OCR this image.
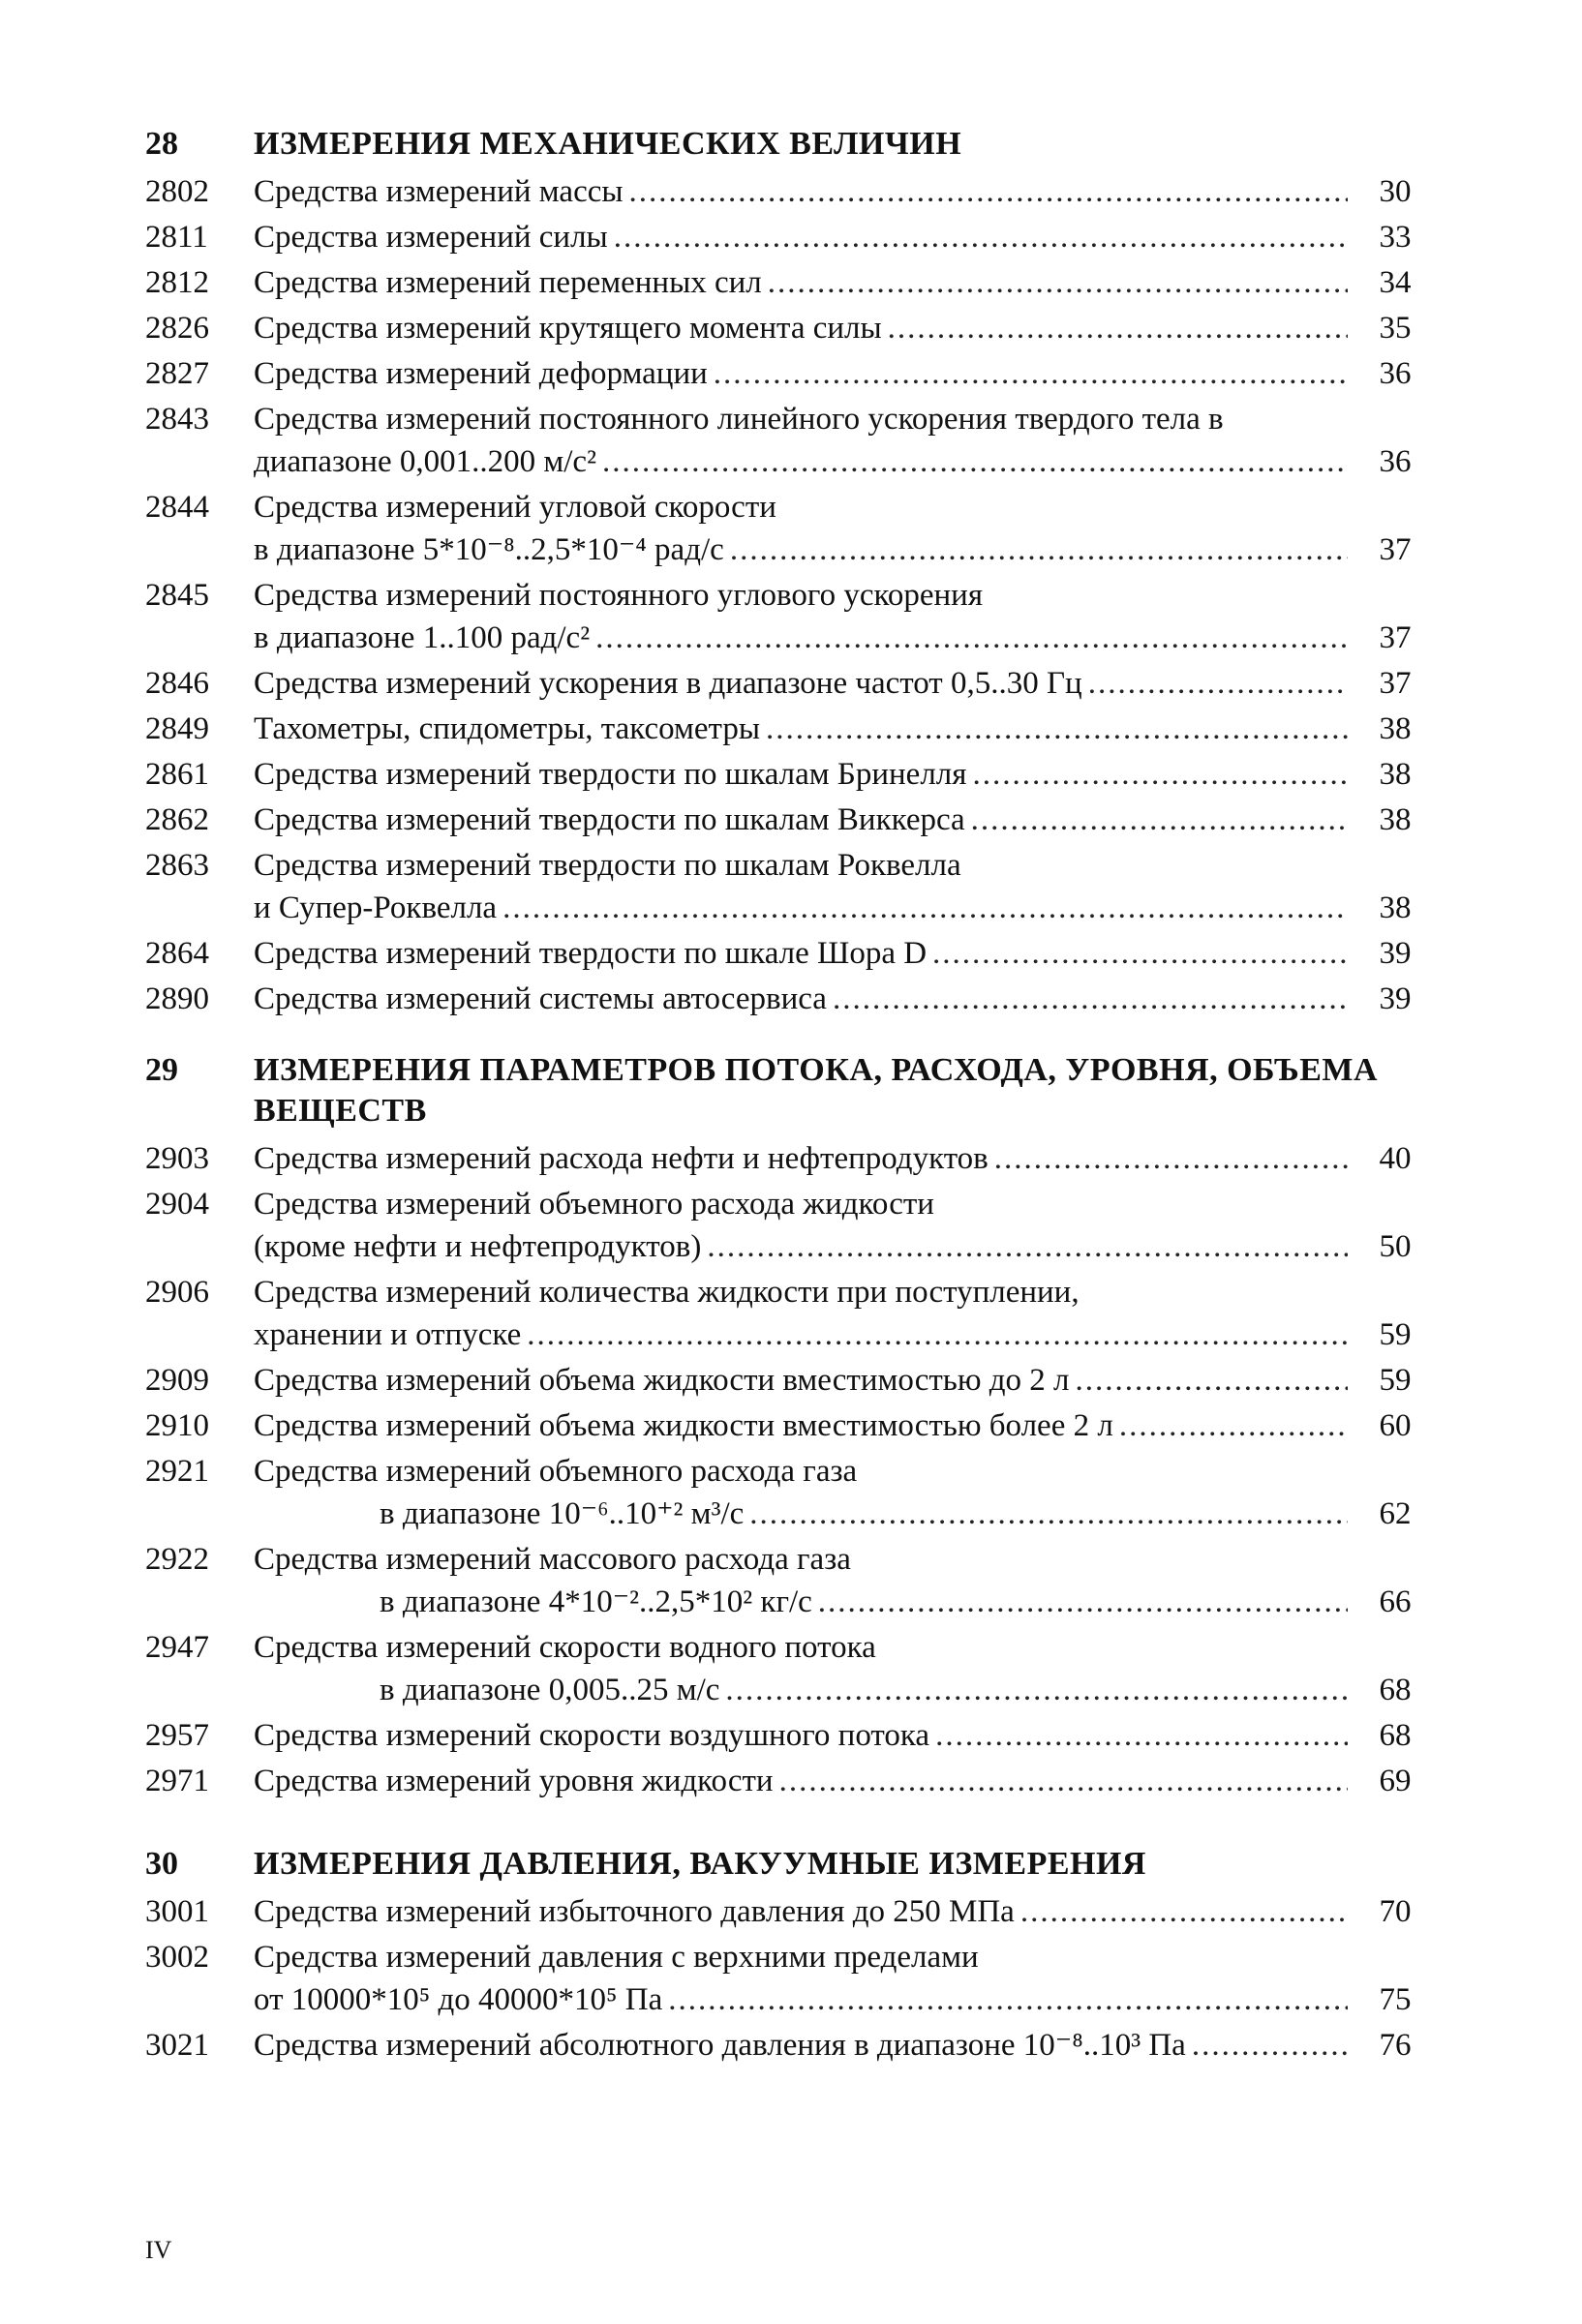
28	ИЗМЕРЕНИЯ МЕХАНИЧЕСКИХ ВЕЛИЧИН
2802	Средства измерений массы .....	30
2811	Средства измерений силы .....	33
2812	Средства измерений переменных сил .....	34
2826	Средства измерений крутящего момента силы .....	35
2827	Средства измерений деформации .....	36
2843	Средства измерений постоянного линейного ускорения твердого тела в
диапазоне 0,001..200 м/с² .....	36
2844	Средства измерений угловой скорости
в диапазоне 5*10⁻⁸..2,5*10⁻⁴ рад/с .....	37
2845	Средства измерений постоянного углового ускорения
в диапазоне 1..100 рад/с² .....	37
2846	Средства измерений ускорения в диапазоне частот 0,5..30 Гц .....	37
2849	Тахометры, спидометры, таксометры .....	38
2861	Средства измерений твердости по шкалам Бринелля .....	38
2862	Средства измерений твердости по шкалам Виккерса .....	38
2863	Средства измерений твердости по шкалам Роквелла
и Супер-Роквелла .....	38
2864	Средства измерений твердости по шкале Шора D .....	39
2890	Средства измерений системы автосервиса .....	39
29	ИЗМЕРЕНИЯ ПАРАМЕТРОВ ПОТОКА, РАСХОДА, УРОВНЯ, ОБЪЕМА ВЕЩЕСТВ
2903	Средства измерений расхода нефти и нефтепродуктов .....	40
2904	Средства измерений объемного расхода жидкости
(кроме нефти и нефтепродуктов) .....	50
2906	Средства измерений количества жидкости при поступлении,
хранении и отпуске .....	59
2909	Средства измерений объема жидкости вместимостью до 2 л .....	59
2910	Средства измерений объема жидкости вместимостью более 2 л .....	60
2921	Средства измерений объемного расхода газа
в диапазоне 10⁻⁶..10⁺² м³/с .....	62
2922	Средства измерений массового расхода газа
в диапазоне 4*10⁻²..2,5*10² кг/с .....	66
2947	Средства измерений скорости водного потока
в диапазоне 0,005..25 м/с .....	68
2957	Средства измерений скорости воздушного потока .....	68
2971	Средства измерений уровня жидкости .....	69
30	ИЗМЕРЕНИЯ ДАВЛЕНИЯ, ВАКУУМНЫЕ ИЗМЕРЕНИЯ
3001	Средства измерений избыточного давления до 250 МПа .....	70
3002	Средства измерений давления с верхними пределами
от 10000*10⁵ до 40000*10⁵ Па .....	75
3021	Средства измерений абсолютного давления в диапазоне 10⁻⁸..10³ Па .....	76
IV
